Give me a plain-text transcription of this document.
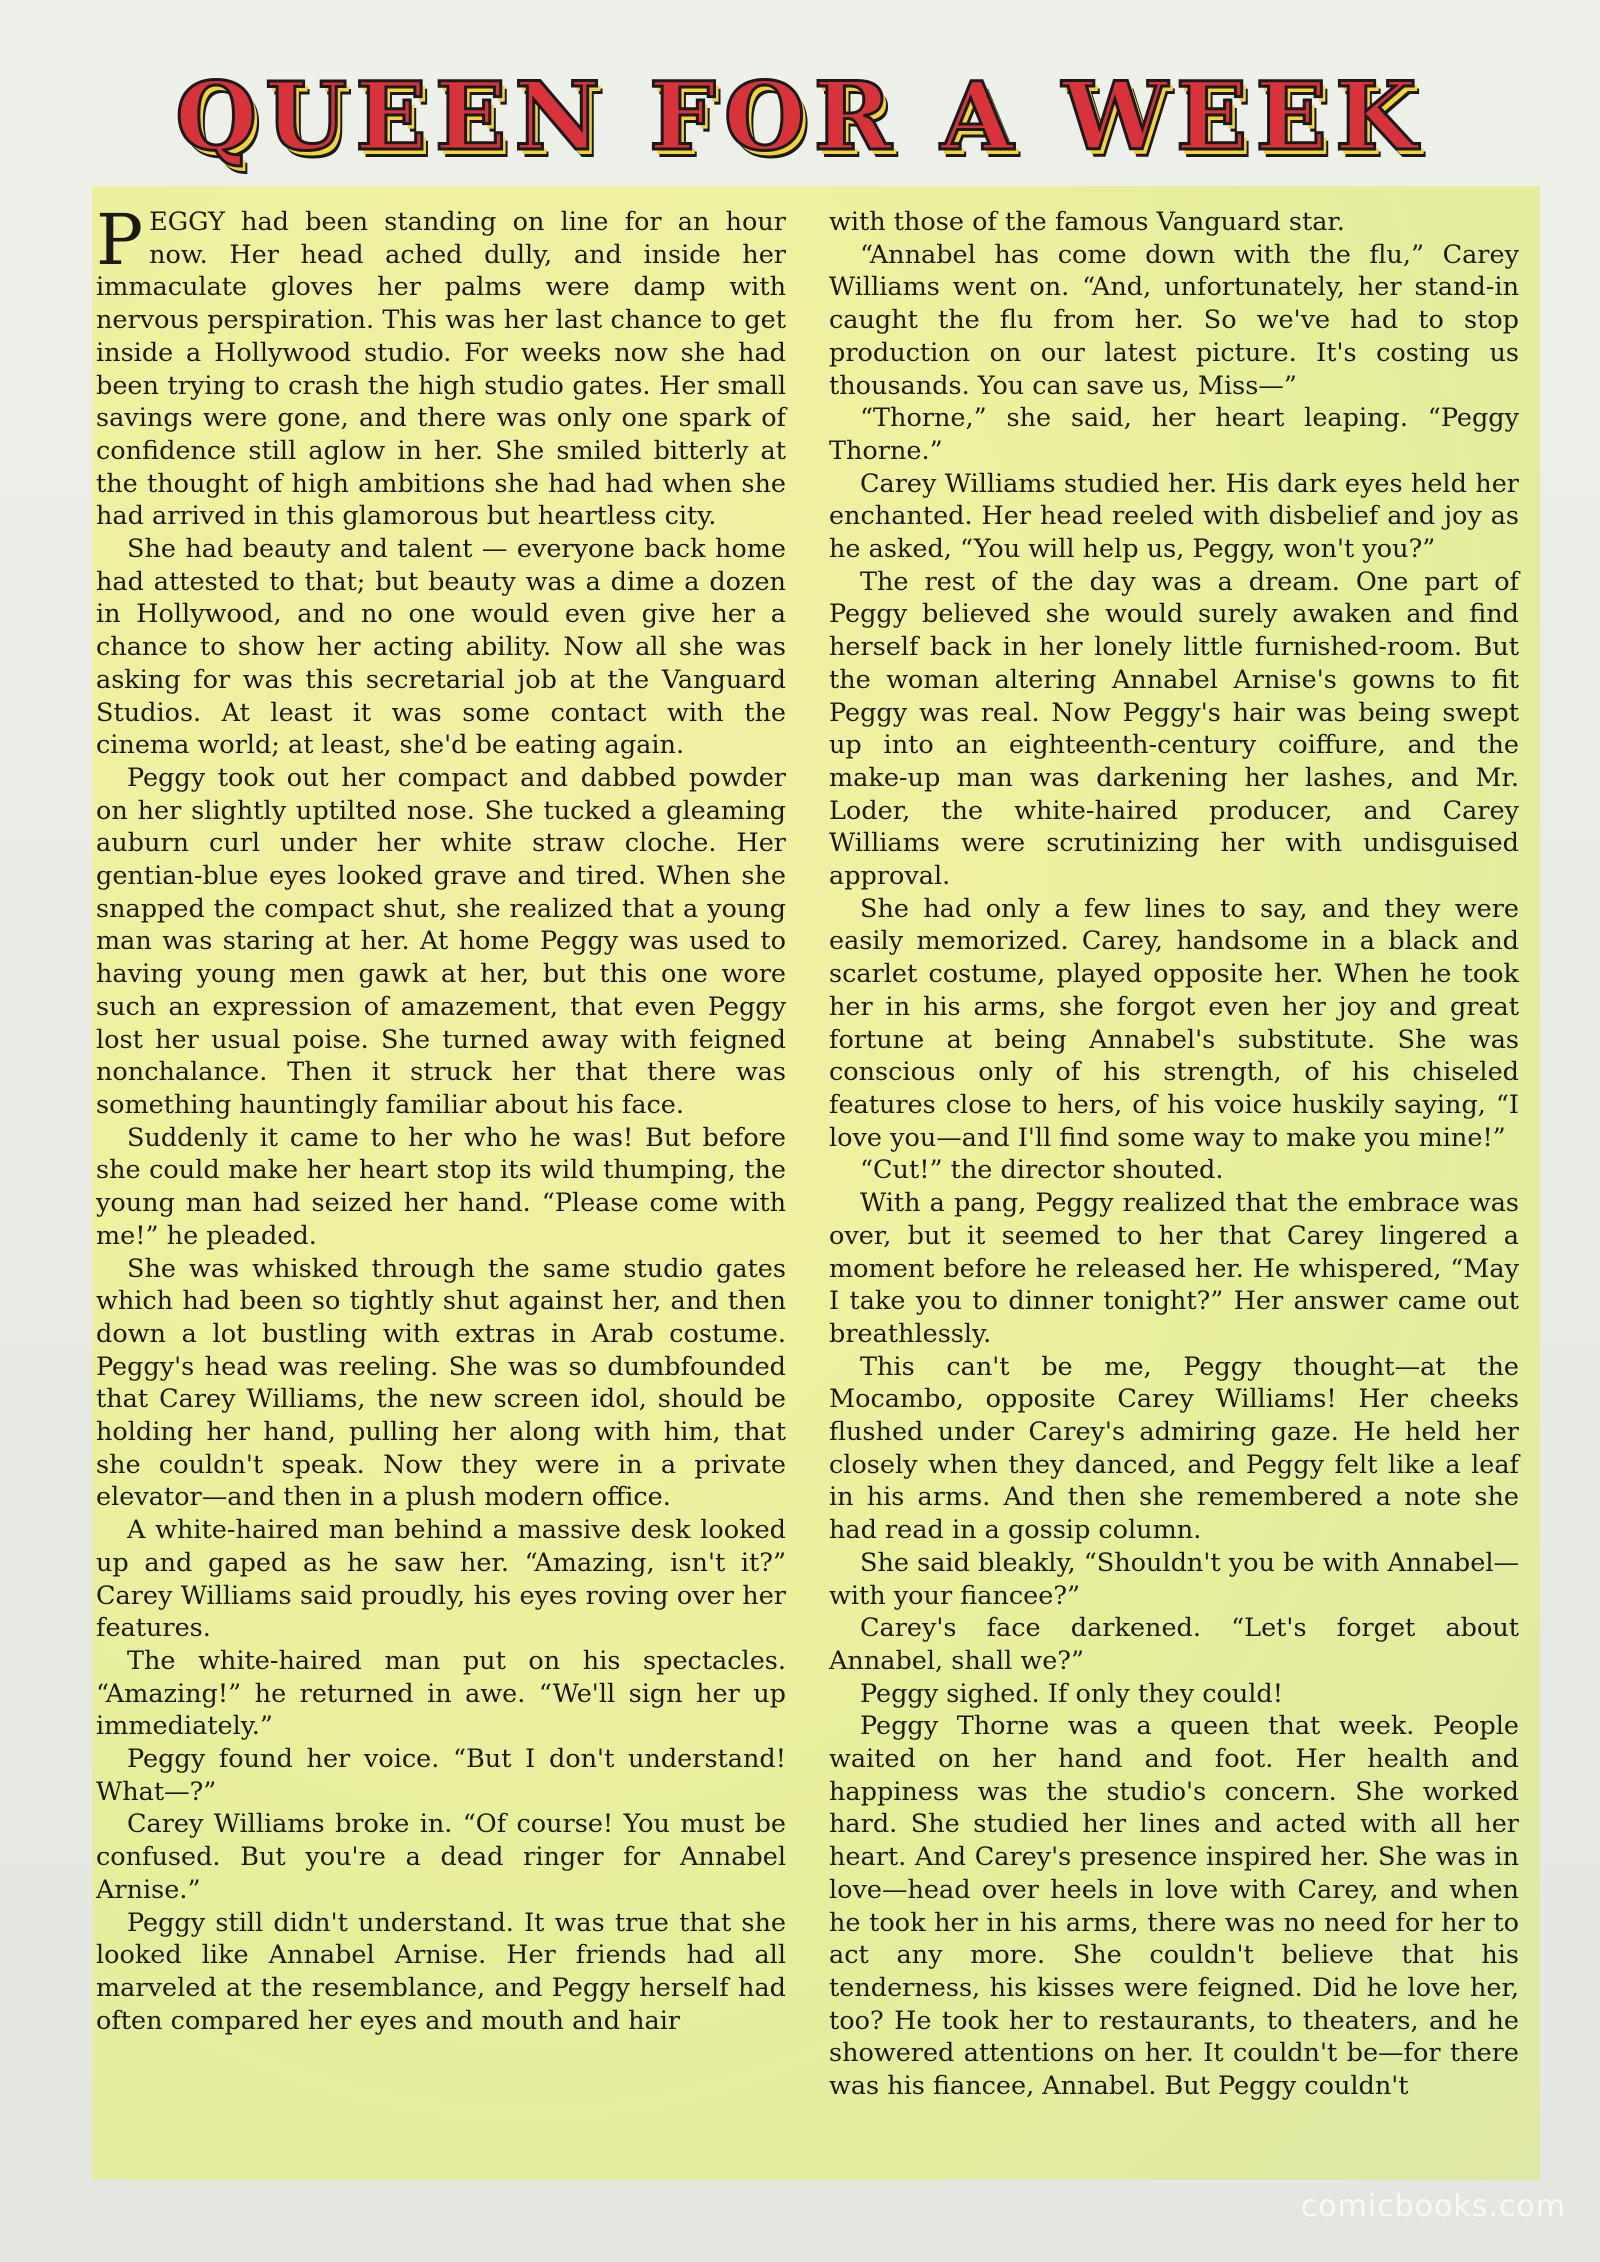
QUEEN FOR A WEEK

PEGGY had been standing on line for an hour now. Her head ached dully, and inside her immaculate gloves her palms were damp with nervous perspiration. This was her last chance to get inside a Hollywood studio. For weeks now she had been trying to crash the high studio gates. Her small savings were gone, and there was only one spark of confidence still aglow in her. She smiled bitterly at the thought of high ambitions she had had when she had arrived in this glamorous but heartless city.

She had beauty and talent — everyone back home had attested to that; but beauty was a dime a dozen in Hollywood, and no one would even give her a chance to show her acting ability. Now all she was asking for was this secretarial job at the Vanguard Studios. At least it was some contact with the cinema world; at least, she'd be eating again.

Peggy took out her compact and dabbed powder on her slightly uptilted nose. She tucked a gleaming auburn curl under her white straw cloche. Her gentian-blue eyes looked grave and tired. When she snapped the compact shut, she realized that a young man was staring at her. At home Peggy was used to having young men gawk at her, but this one wore such an expression of amazement, that even Peggy lost her usual poise. She turned away with feigned nonchalance. Then it struck her that there was something hauntingly familiar about his face.

Suddenly it came to her who he was! But before she could make her heart stop its wild thumping, the young man had seized her hand. “Please come with me!” he pleaded.

She was whisked through the same studio gates which had been so tightly shut against her, and then down a lot bustling with extras in Arab costume. Peggy's head was reeling. She was so dumbfounded that Carey Williams, the new screen idol, should be holding her hand, pulling her along with him, that she couldn't speak. Now they were in a private elevator—and then in a plush modern office.

A white-haired man behind a massive desk looked up and gaped as he saw her. “Amazing, isn't it?” Carey Williams said proudly, his eyes roving over her features.

The white-haired man put on his spectacles. “Amazing!” he returned in awe. “We'll sign her up immediately.”

Peggy found her voice. “But I don't understand! What—?”

Carey Williams broke in. “Of course! You must be confused. But you're a dead ringer for Annabel Arnise.”

Peggy still didn't understand. It was true that she looked like Annabel Arnise. Her friends had all marveled at the resemblance, and Peggy herself had often compared her eyes and mouth and hair

with those of the famous Vanguard star.

“Annabel has come down with the flu,” Carey Williams went on. “And, unfortunately, her stand-in caught the flu from her. So we've had to stop production on our latest picture. It's costing us thousands. You can save us, Miss—”

“Thorne,” she said, her heart leaping. “Peggy Thorne.”

Carey Williams studied her. His dark eyes held her enchanted. Her head reeled with disbelief and joy as he asked, “You will help us, Peggy, won't you?”

The rest of the day was a dream. One part of Peggy believed she would surely awaken and find herself back in her lonely little furnished-room. But the woman altering Annabel Arnise's gowns to fit Peggy was real. Now Peggy's hair was being swept up into an eighteenth-century coiffure, and the make-up man was darkening her lashes, and Mr. Loder, the white-haired producer, and Carey Williams were scrutinizing her with undisguised approval.

She had only a few lines to say, and they were easily memorized. Carey, handsome in a black and scarlet costume, played opposite her. When he took her in his arms, she forgot even her joy and great fortune at being Annabel's substitute. She was conscious only of his strength, of his chiseled features close to hers, of his voice huskily saying, “I love you—and I'll find some way to make you mine!”

“Cut!” the director shouted.

With a pang, Peggy realized that the embrace was over, but it seemed to her that Carey lingered a moment before he released her. He whispered, “May I take you to dinner tonight?” Her answer came out breathlessly.

This can't be me, Peggy thought—at the Mocambo, opposite Carey Williams! Her cheeks flushed under Carey's admiring gaze. He held her closely when they danced, and Peggy felt like a leaf in his arms. And then she remembered a note she had read in a gossip column.

She said bleakly, “Shouldn't you be with Annabel—with your fiancee?”

Carey's face darkened. “Let's forget about Annabel, shall we?”

Peggy sighed. If only they could!

Peggy Thorne was a queen that week. People waited on her hand and foot. Her health and happiness was the studio's concern. She worked hard. She studied her lines and acted with all her heart. And Carey's presence inspired her. She was in love—head over heels in love with Carey, and when he took her in his arms, there was no need for her to act any more. She couldn't believe that his tenderness, his kisses were feigned. Did he love her, too? He took her to restaurants, to theaters, and he showered attentions on her. It couldn't be—for there was his fiancee, Annabel. But Peggy couldn't

comicbooks.com
